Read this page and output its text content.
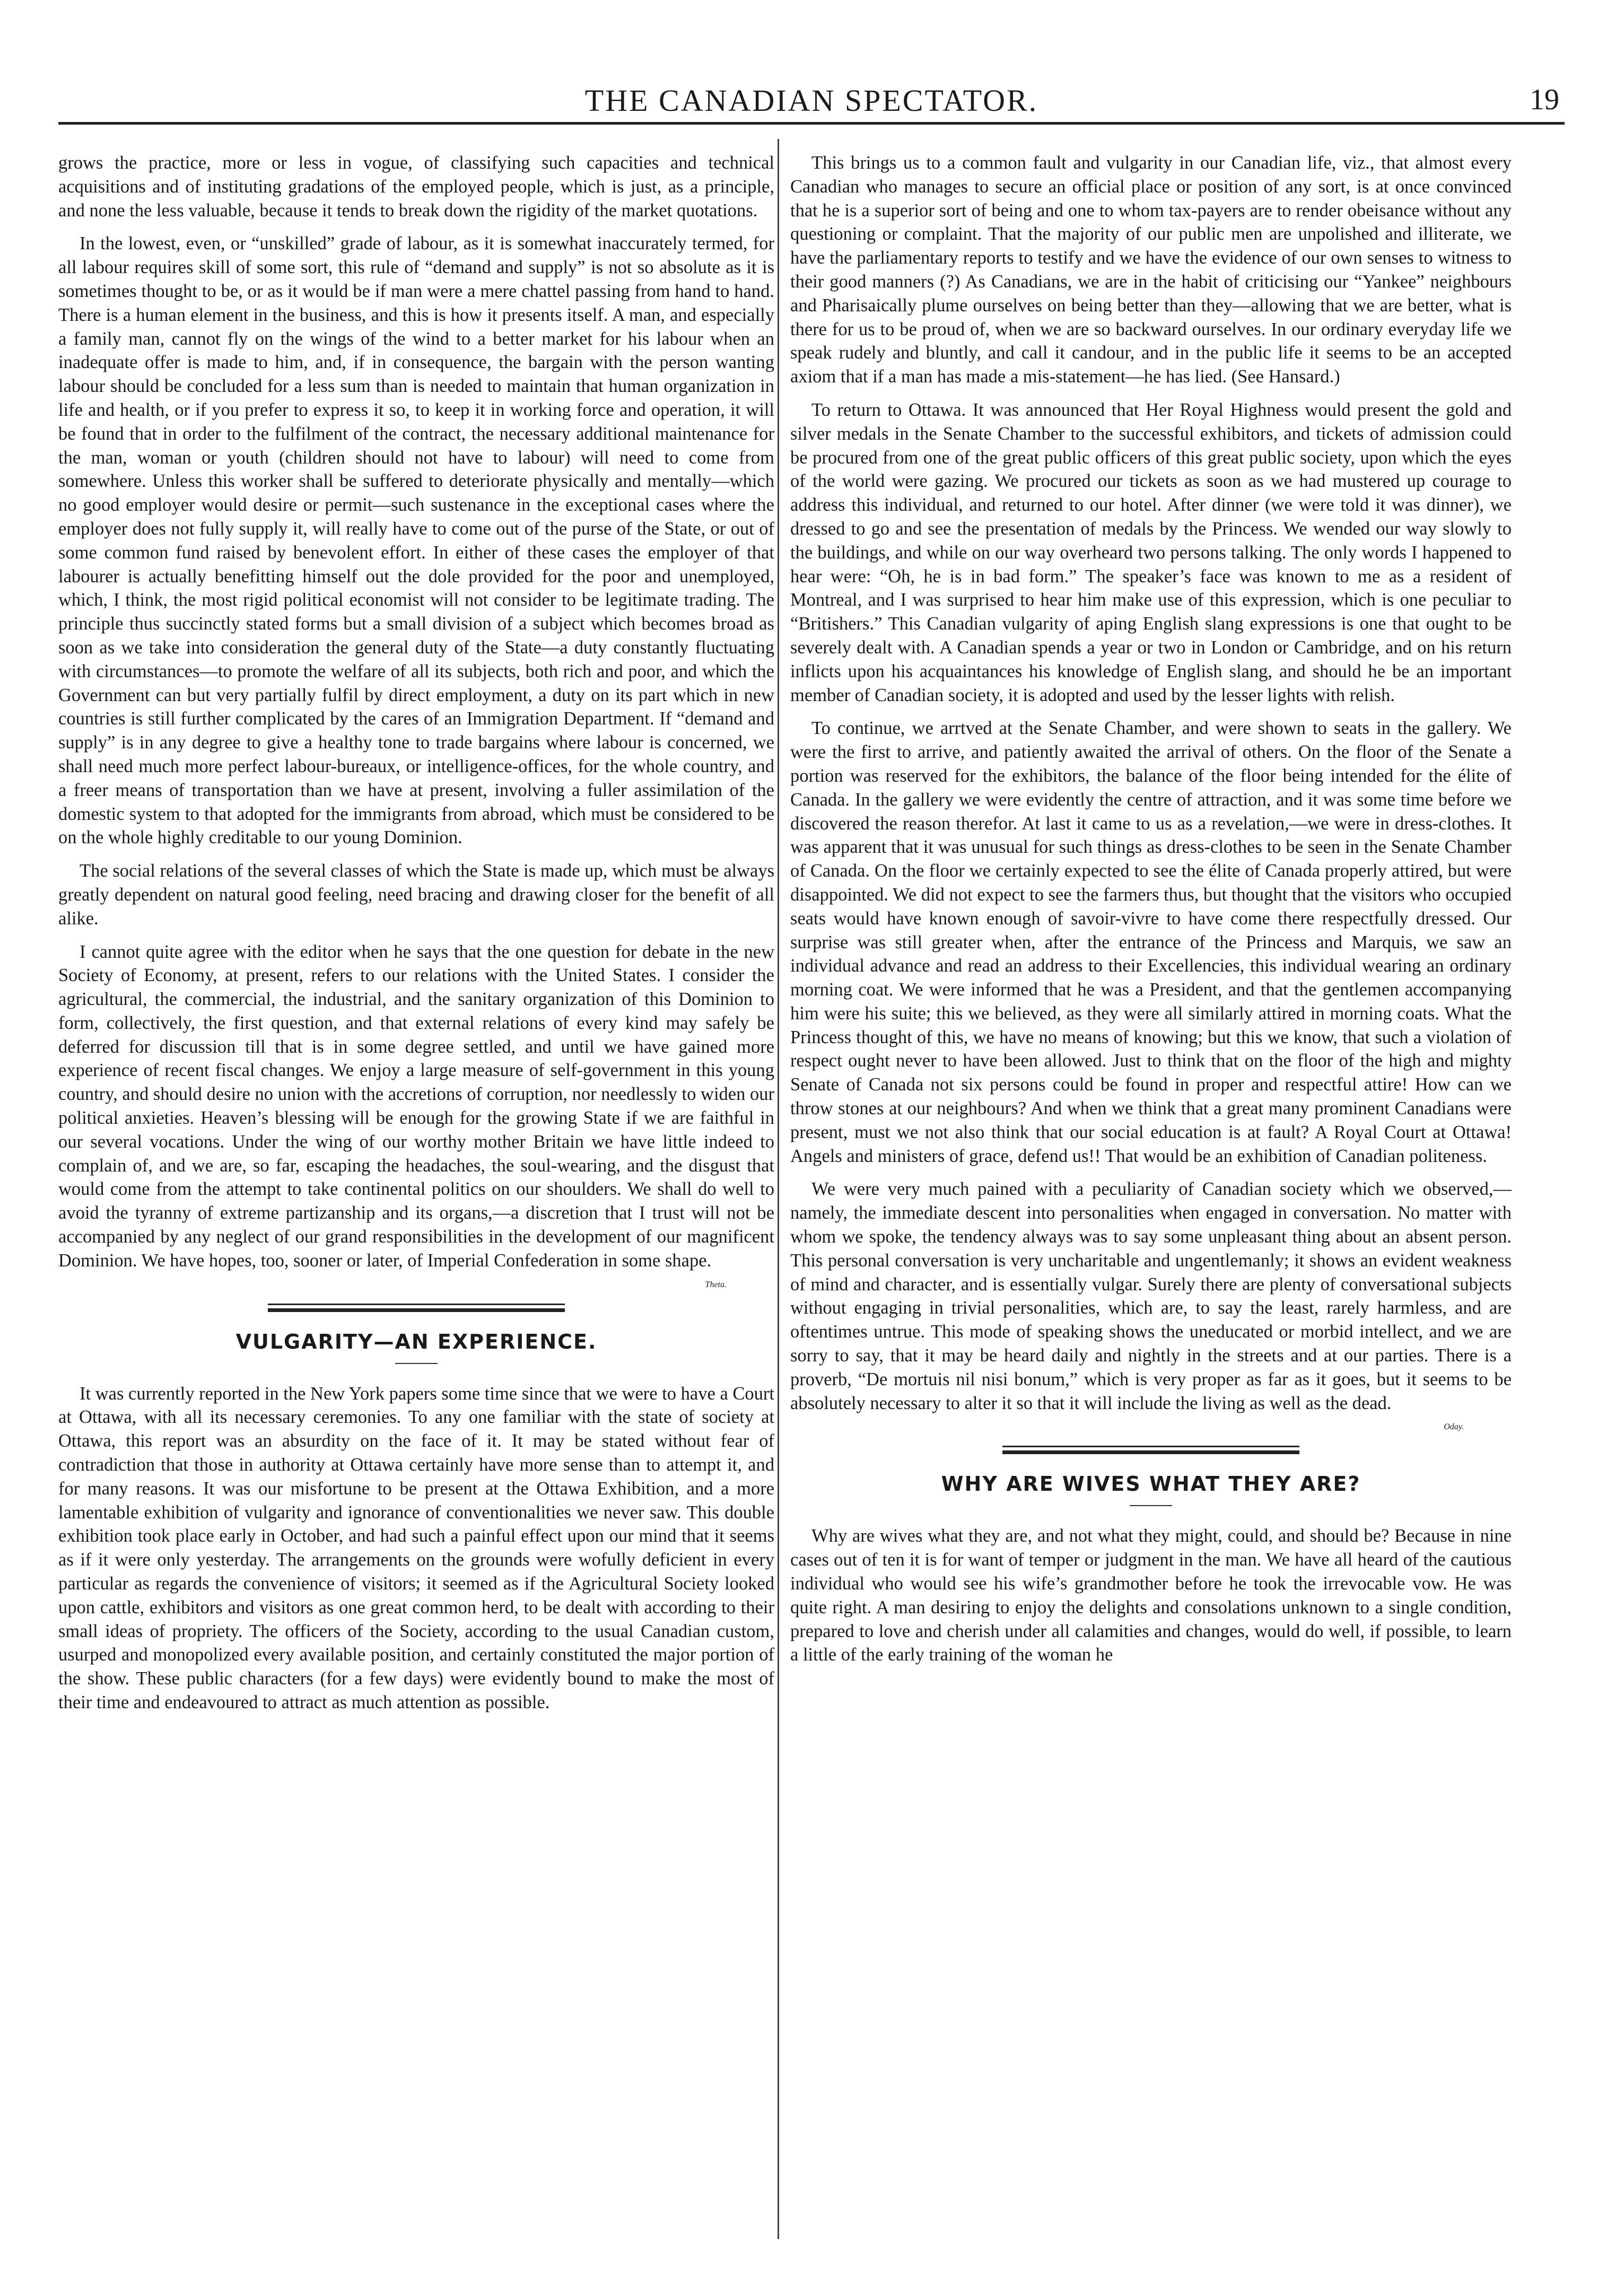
THE CANADIAN SPECTATOR.	19

grows the practice, more or less in vogue, of classifying such capacities and technical acquisitions and of instituting gradations of the employed people, which is just, as a principle, and none the less valuable, because it tends to break down the rigidity of the market quotations.

In the lowest, even, or “unskilled” grade of labour, as it is somewhat inaccurately termed, for all labour requires skill of some sort, this rule of “demand and supply” is not so absolute as it is sometimes thought to be, or as it would be if man were a mere chattel passing from hand to hand. There is a human element in the business, and this is how it presents itself. A man, and especially a family man, cannot fly on the wings of the wind to a better market for his labour when an inadequate offer is made to him, and, if in consequence, the bargain with the person wanting labour should be concluded for a less sum than is needed to maintain that human organization in life and health, or if you prefer to express it so, to keep it in working force and operation, it will be found that in order to the fulfilment of the contract, the necessary additional maintenance for the man, woman or youth (children should not have to labour) will need to come from somewhere. Unless this worker shall be suffered to deteriorate physically and mentally—which no good employer would desire or permit—such sustenance in the exceptional cases where the employer does not fully supply it, will really have to come out of the purse of the State, or out of some common fund raised by benevolent effort. In either of these cases the employer of that labourer is actually benefitting himself out the dole provided for the poor and unemployed, which, I think, the most rigid political economist will not consider to be legitimate trading. The principle thus succinctly stated forms but a small division of a subject which becomes broad as soon as we take into consideration the general duty of the State—a duty constantly fluctuating with circumstances—to promote the welfare of all its subjects, both rich and poor, and which the Government can but very partially fulfil by direct employment, a duty on its part which in new countries is still further complicated by the cares of an Immigration Department. If “demand and supply” is in any degree to give a healthy tone to trade bargains where labour is concerned, we shall need much more perfect labour-bureaux, or intelligence-offices, for the whole country, and a freer means of transportation than we have at present, involving a fuller assimilation of the domestic system to that adopted for the immigrants from abroad, which must be considered to be on the whole highly creditable to our young Dominion.

The social relations of the several classes of which the State is made up, which must be always greatly dependent on natural good feeling, need bracing and drawing closer for the benefit of all alike.

I cannot quite agree with the editor when he says that the one question for debate in the new Society of Economy, at present, refers to our relations with the United States. I consider the agricultural, the commercial, the industrial, and the sanitary organization of this Dominion to form, collectively, the first question, and that external relations of every kind may safely be deferred for discussion till that is in some degree settled, and until we have gained more experience of recent fiscal changes. We enjoy a large measure of self-government in this young country, and should desire no union with the accretions of corruption, nor needlessly to widen our political anxieties. Heaven’s blessing will be enough for the growing State if we are faithful in our several vocations. Under the wing of our worthy mother Britain we have little indeed to complain of, and we are, so far, escaping the headaches, the soul-wearing, and the disgust that would come from the attempt to take continental politics on our shoulders. We shall do well to avoid the tyranny of extreme partizanship and its organs,—a discretion that I trust will not be accompanied by any neglect of our grand responsibilities in the development of our magnificent Dominion. We have hopes, too, sooner or later, of Imperial Confederation in some shape.

Theta.
VULGARITY—AN EXPERIENCE.

It was currently reported in the New York papers some time since that we were to have a Court at Ottawa, with all its necessary ceremonies. To any one familiar with the state of society at Ottawa, this report was an absurdity on the face of it. It may be stated without fear of contradiction that those in authority at Ottawa certainly have more sense than to attempt it, and for many reasons. It was our misfortune to be present at the Ottawa Exhibition, and a more lamentable exhibition of vulgarity and ignorance of conventionalities we never saw. This double exhibition took place early in October, and had such a painful effect upon our mind that it seems as if it were only yesterday. The arrangements on the grounds were wofully deficient in every particular as regards the convenience of visitors; it seemed as if the Agricultural Society looked upon cattle, exhibitors and visitors as one great common herd, to be dealt with according to their small ideas of propriety. The officers of the Society, according to the usual Canadian custom, usurped and monopolized every available position, and certainly constituted the major portion of the show. These public characters (for a few days) were evidently bound to make the most of their time and endeavoured to attract as much attention as possible.

This brings us to a common fault and vulgarity in our Canadian life, viz., that almost every Canadian who manages to secure an official place or position of any sort, is at once convinced that he is a superior sort of being and one to whom tax-payers are to render obeisance without any questioning or complaint. That the majority of our public men are unpolished and illiterate, we have the parliamentary reports to testify and we have the evidence of our own senses to witness to their good manners (?) As Canadians, we are in the habit of criticising our “Yankee” neighbours and Pharisaically plume ourselves on being better than they—allowing that we are better, what is there for us to be proud of, when we are so backward ourselves. In our ordinary everyday life we speak rudely and bluntly, and call it candour, and in the public life it seems to be an accepted axiom that if a man has made a mis-statement—he has lied. (See Hansard.)

To return to Ottawa. It was announced that Her Royal Highness would present the gold and silver medals in the Senate Chamber to the successful exhibitors, and tickets of admission could be procured from one of the great public officers of this great public society, upon which the eyes of the world were gazing. We procured our tickets as soon as we had mustered up courage to address this individual, and returned to our hotel. After dinner (we were told it was dinner), we dressed to go and see the presentation of medals by the Princess. We wended our way slowly to the buildings, and while on our way overheard two persons talking. The only words I happened to hear were: “Oh, he is in bad form.” The speaker’s face was known to me as a resident of Montreal, and I was surprised to hear him make use of this expression, which is one peculiar to “Britishers.” This Canadian vulgarity of aping English slang expressions is one that ought to be severely dealt with. A Canadian spends a year or two in London or Cambridge, and on his return inflicts upon his acquaintances his knowledge of English slang, and should he be an important member of Canadian society, it is adopted and used by the lesser lights with relish.

To continue, we arrtved at the Senate Chamber, and were shown to seats in the gallery. We were the first to arrive, and patiently awaited the arrival of others. On the floor of the Senate a portion was reserved for the exhibitors, the balance of the floor being intended for the élite of Canada. In the gallery we were evidently the centre of attraction, and it was some time before we discovered the reason therefor. At last it came to us as a revelation,—we were in dress-clothes. It was apparent that it was unusual for such things as dress-clothes to be seen in the Senate Chamber of Canada. On the floor we certainly expected to see the élite of Canada properly attired, but were disappointed. We did not expect to see the farmers thus, but thought that the visitors who occupied seats would have known enough of savoir-vivre to have come there respectfully dressed. Our surprise was still greater when, after the entrance of the Princess and Marquis, we saw an individual advance and read an address to their Excellencies, this individual wearing an ordinary morning coat. We were informed that he was a President, and that the gentlemen accompanying him were his suite; this we believed, as they were all similarly attired in morning coats. What the Princess thought of this, we have no means of knowing; but this we know, that such a violation of respect ought never to have been allowed. Just to think that on the floor of the high and mighty Senate of Canada not six persons could be found in proper and respectful attire! How can we throw stones at our neighbours? And when we think that a great many prominent Canadians were present, must we not also think that our social education is at fault? A Royal Court at Ottawa! Angels and ministers of grace, defend us!! That would be an exhibition of Canadian politeness.

We were very much pained with a peculiarity of Canadian society which we observed,—namely, the immediate descent into personalities when engaged in conversation. No matter with whom we spoke, the tendency always was to say some unpleasant thing about an absent person. This personal conversation is very uncharitable and ungentlemanly; it shows an evident weakness of mind and character, and is essentially vulgar. Surely there are plenty of conversational subjects without engaging in trivial personalities, which are, to say the least, rarely harmless, and are oftentimes untrue. This mode of speaking shows the uneducated or morbid intellect, and we are sorry to say, that it may be heard daily and nightly in the streets and at our parties. There is a proverb, “De mortuis nil nisi bonum,” which is very proper as far as it goes, but it seems to be absolutely necessary to alter it so that it will include the living as well as the dead.

Oday.
WHY ARE WIVES WHAT THEY ARE?

Why are wives what they are, and not what they might, could, and should be? Because in nine cases out of ten it is for want of temper or judgment in the man. We have all heard of the cautious individual who would see his wife’s grandmother before he took the irrevocable vow. He was quite right. A man desiring to enjoy the delights and consolations unknown to a single condition, prepared to love and cherish under all calamities and changes, would do well, if possible, to learn a little of the early training of the woman he
